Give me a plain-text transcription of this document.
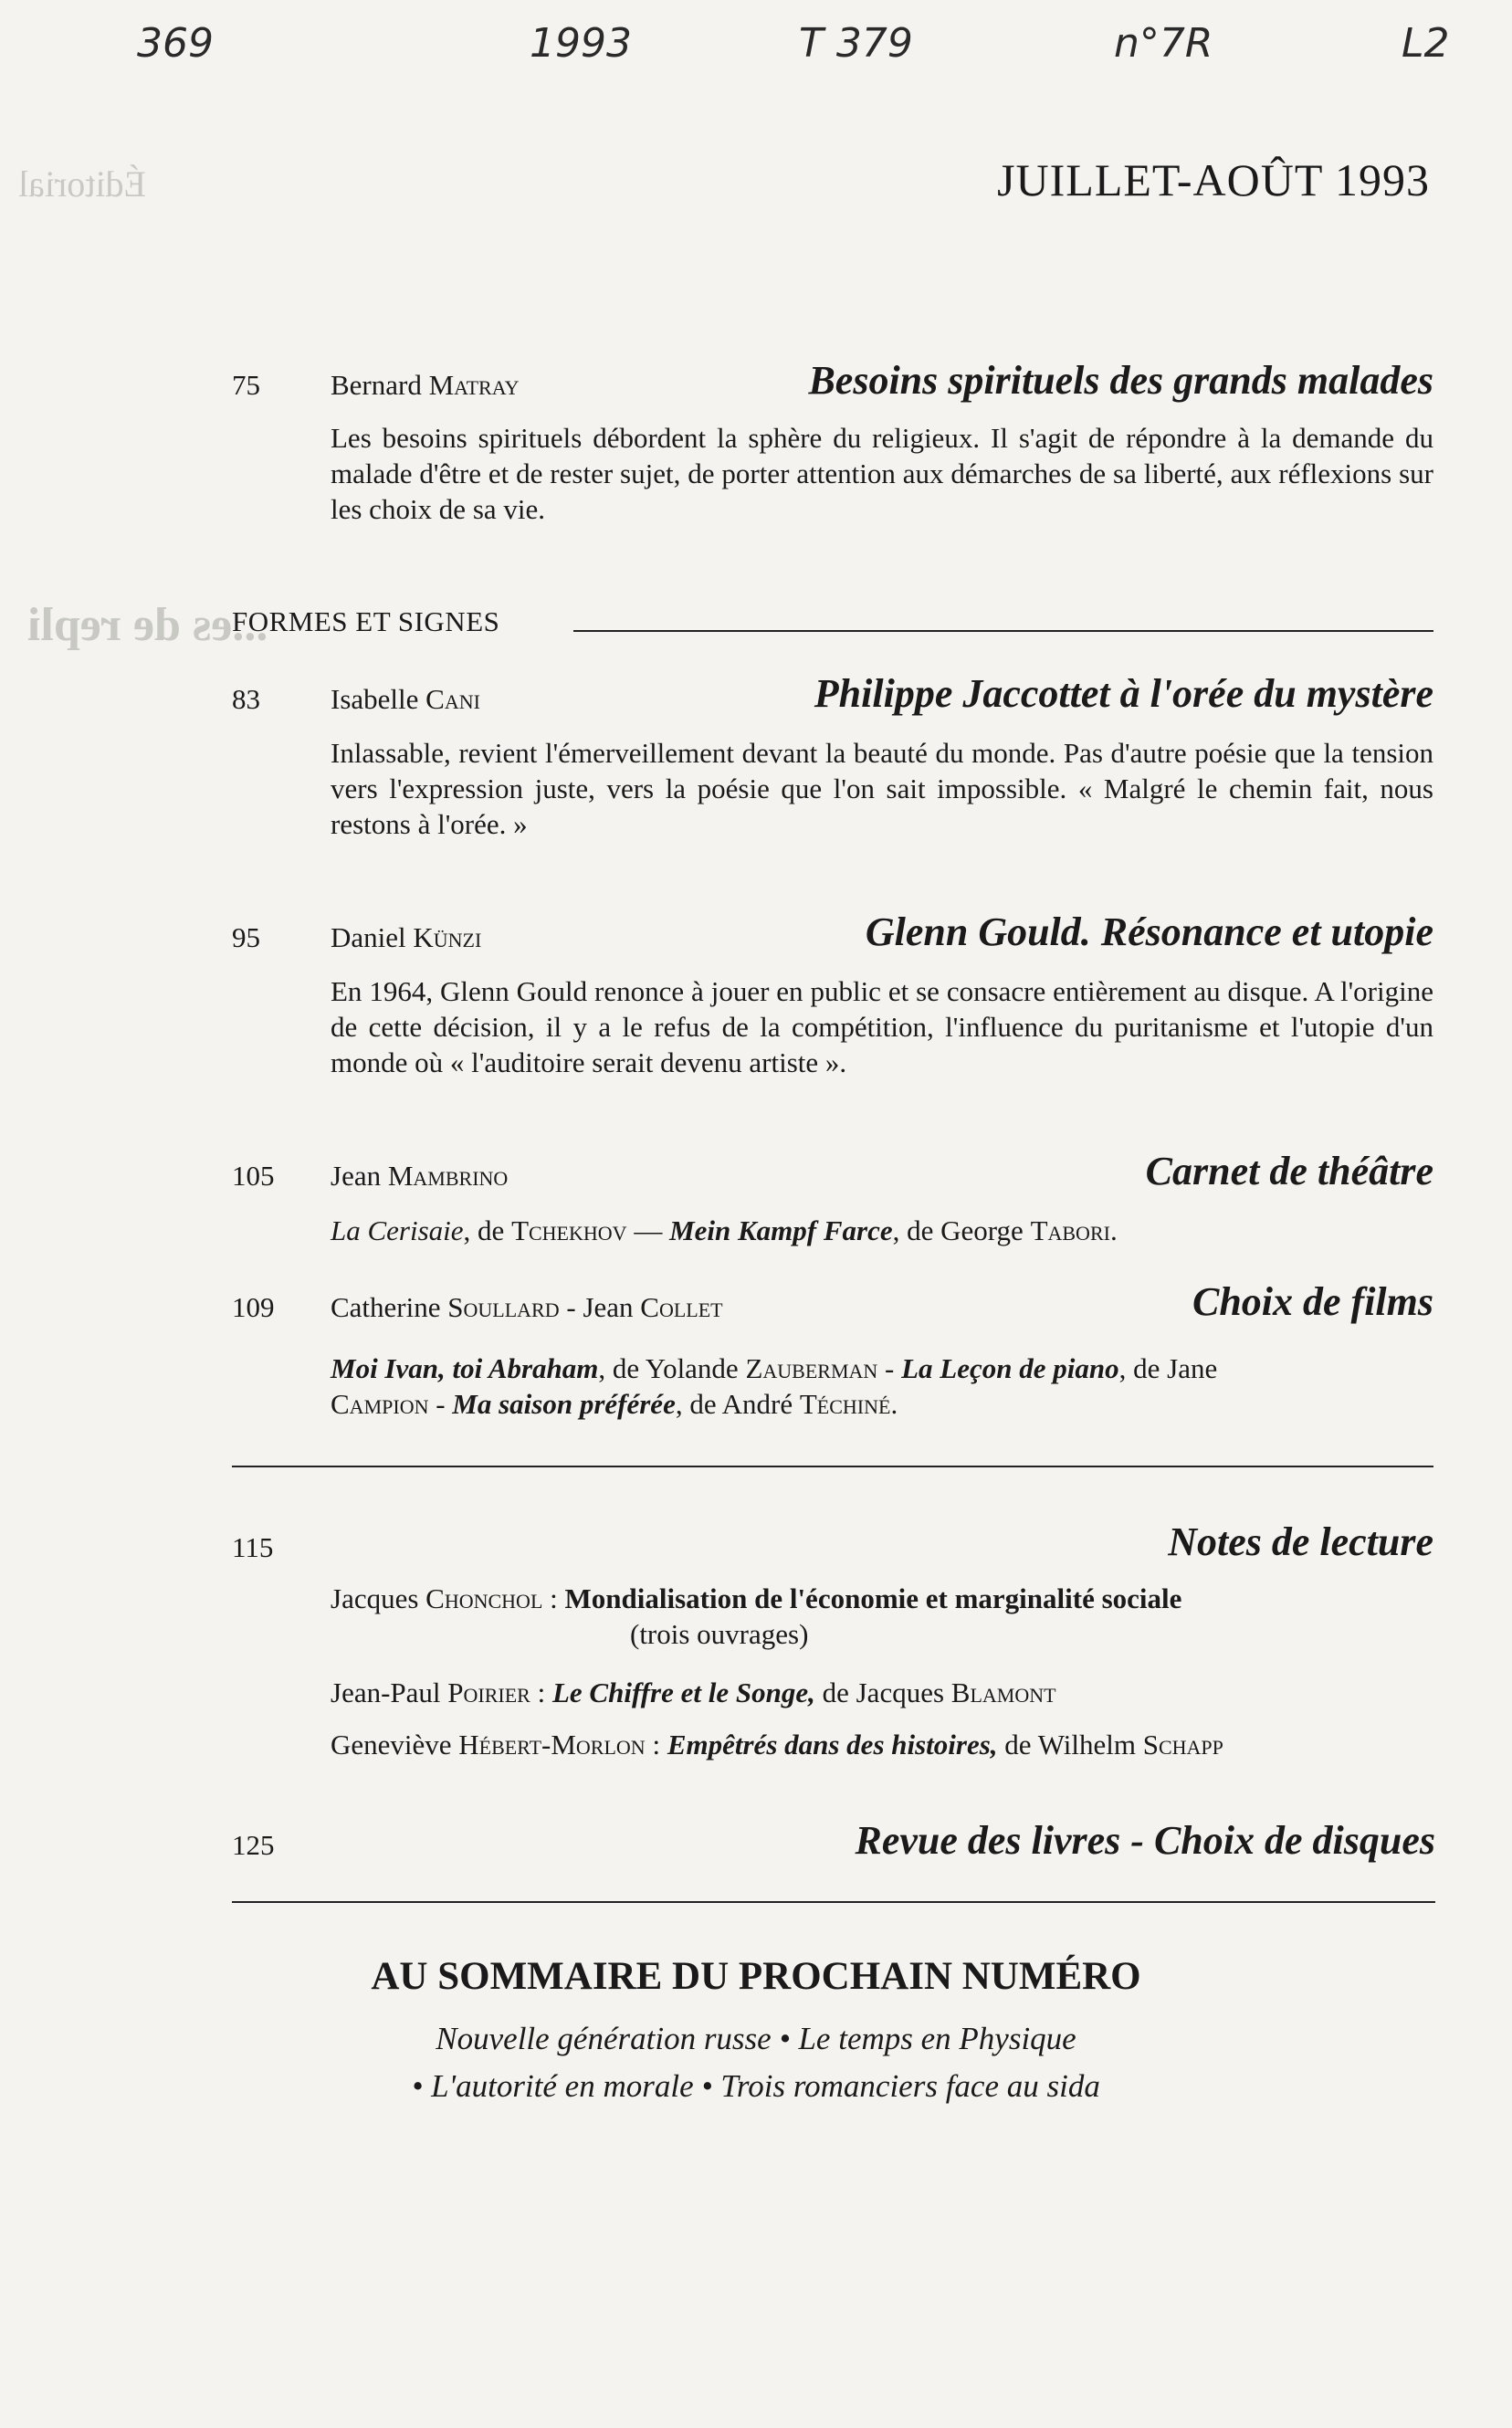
369	1993	T 379	n°7R	L2
Éditorial
...es de repli
JUILLET-AOÛT 1993
75 Bernard Matray	Besoins spirituels des grands malades
Les besoins spirituels débordent la sphère du religieux. Il s'agit de répondre à la demande du malade d'être et de rester sujet, de porter attention aux démarches de sa liberté, aux réflexions sur les choix de sa vie.
FORMES ET SIGNES
83 Isabelle Cani	Philippe Jaccottet à l'orée du mystère
Inlassable, revient l'émerveillement devant la beauté du monde. Pas d'autre poésie que la tension vers l'expression juste, vers la poésie que l'on sait impossible. « Malgré le chemin fait, nous restons à l'orée. »
95 Daniel Künzi	Glenn Gould. Résonance et utopie
En 1964, Glenn Gould renonce à jouer en public et se consacre entièrement au disque. A l'origine de cette décision, il y a le refus de la compétition, l'influence du puritanisme et l'utopie d'un monde où « l'auditoire serait devenu artiste ».
105 Jean Mambrino	Carnet de théâtre
La Cerisaie, de Tchekhov — Mein Kampf Farce, de George Tabori.
109 Catherine Soullard - Jean Collet	Choix de films
Moi Ivan, toi Abraham, de Yolande Zauberman - La Leçon de piano, de Jane
Campion - Ma saison préférée, de André Téchiné.
115	Notes de lecture
Jacques Chonchol : Mondialisation de l'économie et marginalité sociale
(trois ouvrages)
Jean-Paul Poirier : Le Chiffre et le Songe, de Jacques Blamont
Geneviève Hébert-Morlon : Empêtrés dans des histoires, de Wilhelm Schapp
125	Revue des livres - Choix de disques
AU SOMMAIRE DU PROCHAIN NUMÉRO
Nouvelle génération russe • Le temps en Physique
• L'autorité en morale • Trois romanciers face au sida
